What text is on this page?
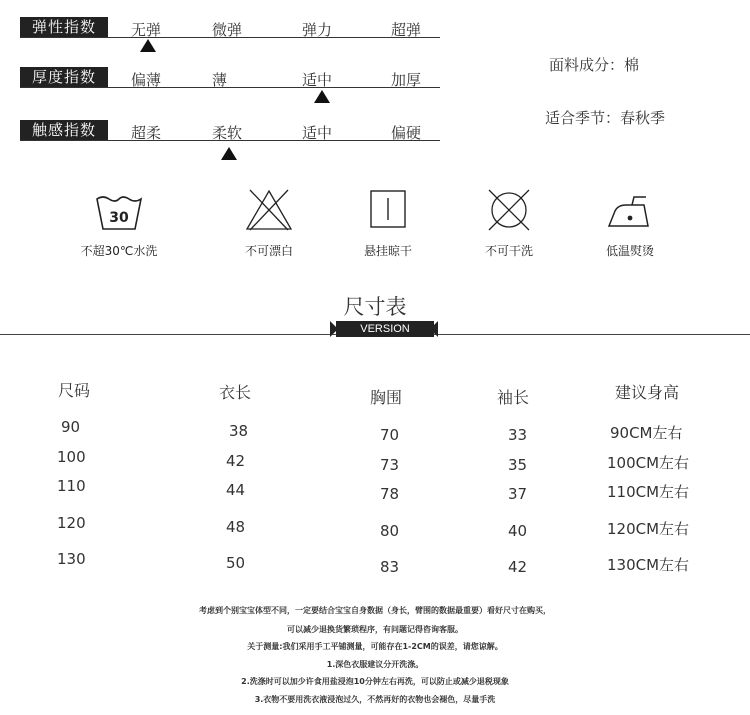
弹性指数	无弹	微弹	弹力	超弹
厚度指数	偏薄	薄	适中	加厚
触感指数	超柔	柔软	适中	偏硬
面料成分：棉
适合季节：春秋季
30
不超30℃水洗	不可漂白	悬挂晾干	不可干洗	低温熨烫
尺寸表
VERSION
尺码	衣长	胸围	袖长	建议身高
90	38	70	33	90CM左右
100	42	73	35	100CM左右
110	44	78	37	110CM左右
120	48	80	40	120CM左右
130	50	83	42	130CM左右
考虑到个别宝宝体型不同，一定要结合宝宝自身数据（身长，臂围的数据最重要）看好尺寸在购买，
可以减少退换货繁琐程序，有问题记得咨询客服。
关于测量:我们采用手工平铺测量，可能存在1-2CM的误差，请您谅解。
1.深色衣服建议分开洗涤。
2.洗涤时可以加少许食用盐浸泡10分钟左右再洗，可以防止或减少退税现象
3.衣物不要用洗衣液浸泡过久，不然再好的衣物也会褪色，尽量手洗
